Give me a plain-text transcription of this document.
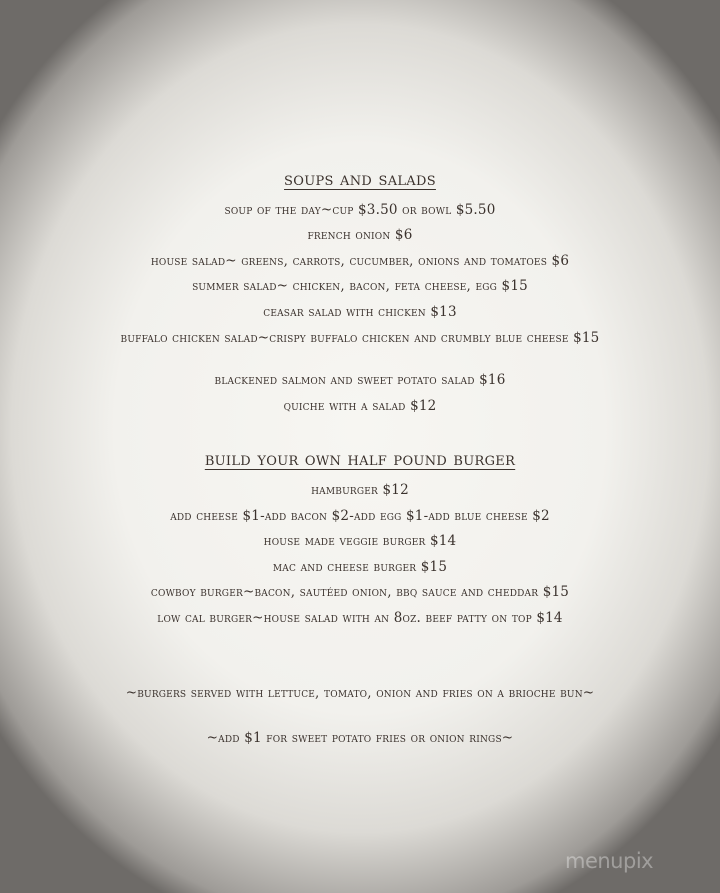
soups and salads
soup of the day~cup $3.50 or bowl $5.50
french onion $6
house salad~ greens, carrots, cucumber, onions and tomatoes $6
summer salad~ chicken, bacon, feta cheese, egg $15
ceasar salad with chicken $13
buffalo chicken salad~crispy buffalo chicken and crumbly blue cheese $15
blackened salmon and sweet potato salad $16
quiche with a salad $12
build your own half pound burger
hamburger $12
add cheese $1-add bacon $2-add egg $1-add blue cheese $2
house made veggie burger $14
mac and cheese burger $15
cowboy burger~bacon, sautéed onion, bbq sauce and cheddar $15
low cal burger~house salad with an 8oz. beef patty on top $14
~burgers served with lettuce, tomato, onion and fries on a brioche bun~
~add $1 for sweet potato fries or onion rings~
menupix
